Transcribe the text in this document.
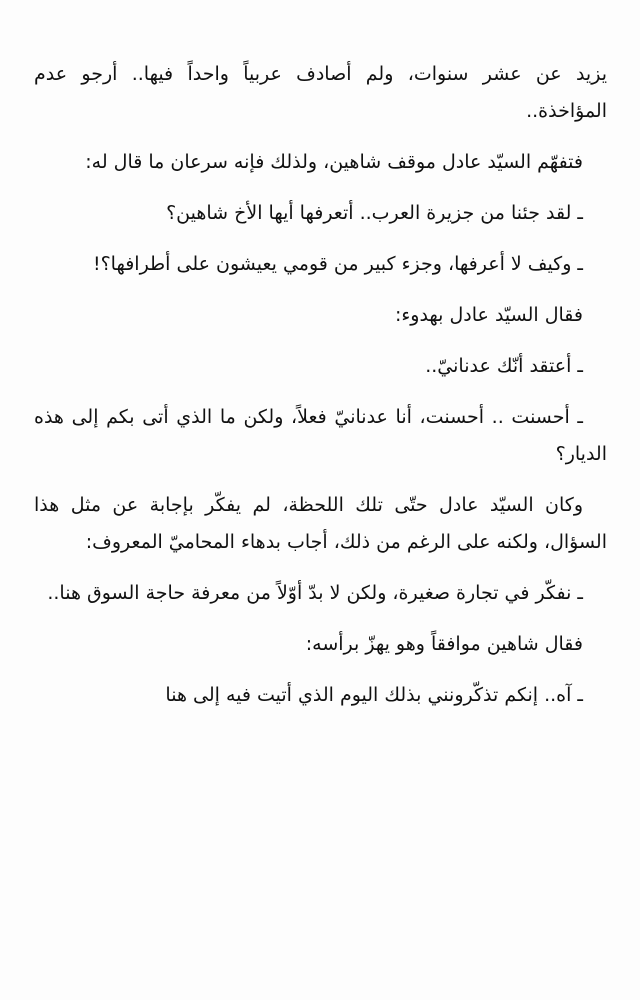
يزيد عن عشر سنوات، ولم أصادف عربياً واحداً فيها.. أرجو عدم المؤاخذة..

فتفهّم السيّد عادل موقف شاهين، ولذلك فإنه سرعان ما قال له:

ـ لقد جئنا من جزيرة العرب.. أتعرفها أيها الأخ شاهين؟

ـ وكيف لا أعرفها، وجزء كبير من قومي يعيشون على أطرافها؟!

فقال السيّد عادل بهدوء:

ـ أعتقد أنّك عدنانيّ..

ـ أحسنت .. أحسنت، أنا عدنانيّ فعلاً، ولكن ما الذي أتى بكم إلى هذه الديار؟

وكان السيّد عادل حتّى تلك اللحظة، لم يفكّر بإجابة عن مثل هذا السؤال، ولكنه على الرغم من ذلك، أجاب بدهاء المحاميّ المعروف:

ـ نفكّر في تجارة صغيرة، ولكن لا بدّ أوّلاً من معرفة حاجة السوق هنا..

فقال شاهين موافقاً وهو يهزّ برأسه:

ـ آه.. إنكم تذكّرونني بذلك اليوم الذي أتيت فيه إلى هنا
